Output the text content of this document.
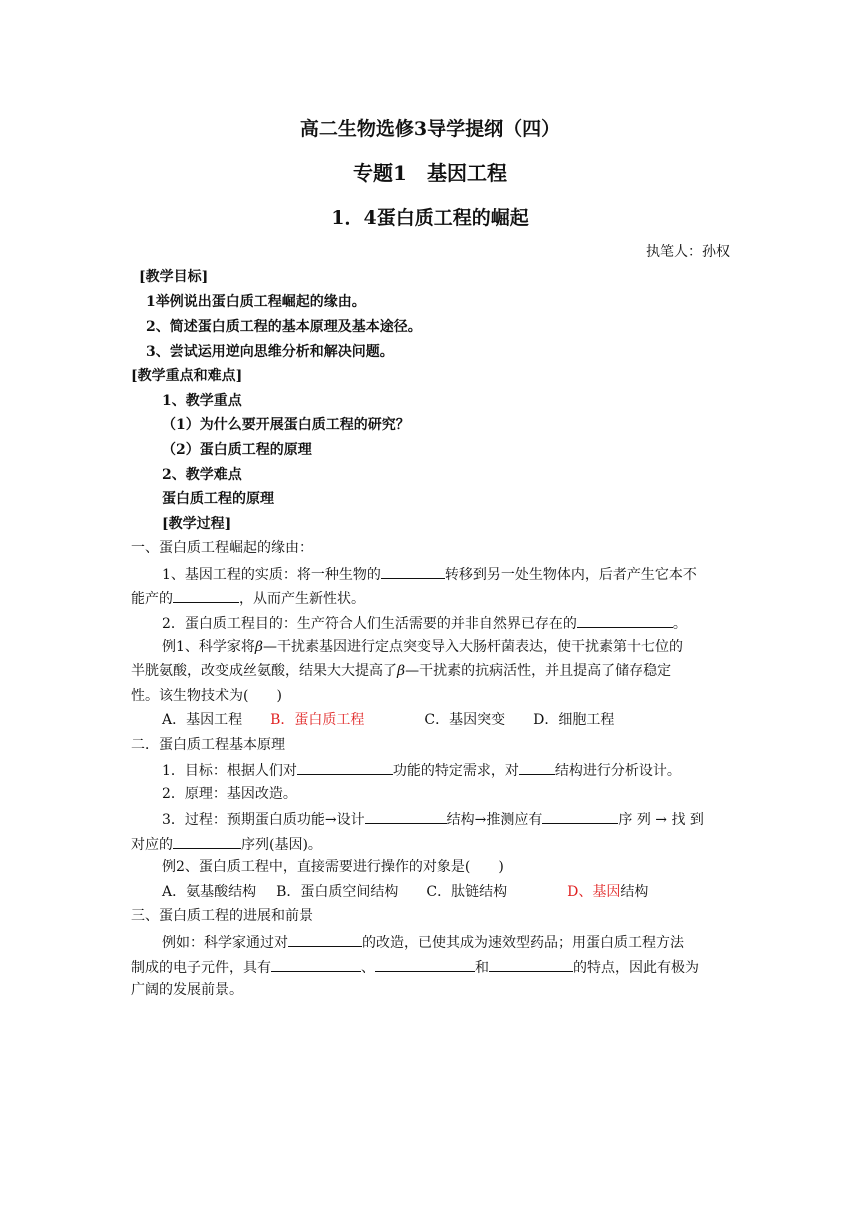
高二生物选修3导学提纲（四）
专题1　基因工程
1．4蛋白质工程的崛起
执笔人：孙权
[教学目标]
1举例说出蛋白质工程崛起的缘由。
2、简述蛋白质工程的基本原理及基本途径。
3、尝试运用逆向思维分析和解决问题。
[教学重点和难点]
1、教学重点
（1）为什么要开展蛋白质工程的研究？
（2）蛋白质工程的原理
2、教学难点
蛋白质工程的原理
[教学过程]
一、蛋白质工程崛起的缘由：
1、基因工程的实质：将一种生物的	转移到另一处生物体内，后者产生它本不
能产的	，从而产生新性状。
2．蛋白质工程目的：生产符合人们生活需要的并非自然界已存在的	。
例1、科学家将β—干扰素基因进行定点突变导入大肠杆菌表达，使干扰素第十七位的
半胱氨酸，改变成丝氨酸，结果大大提高了β—干扰素的抗病活性，并且提高了储存稳定
性。该生物技术为(　　)
A．基因工程 B．蛋白质工程	C．基因突变 D．细胞工程
二．蛋白质工程基本原理
1．目标：根据人们对	功能的特定需求，对	结构进行分析设计。
2．原理：基因改造。
3．过程：预期蛋白质功能→设计	结构→推测应有	序 列 → 找 到
对应的	序列(基因)。
例2、蛋白质工程中，直接需要进行操作的对象是(　　)
A．氨基酸结构 B．蛋白质空间结构 C．肽链结构	D、基因结构
三、蛋白质工程的进展和前景
例如：科学家通过对	的改造，已使其成为速效型药品；用蛋白质工程方法
制成的电子元件，具有	、	和	的特点，因此有极为
广阔的发展前景。
